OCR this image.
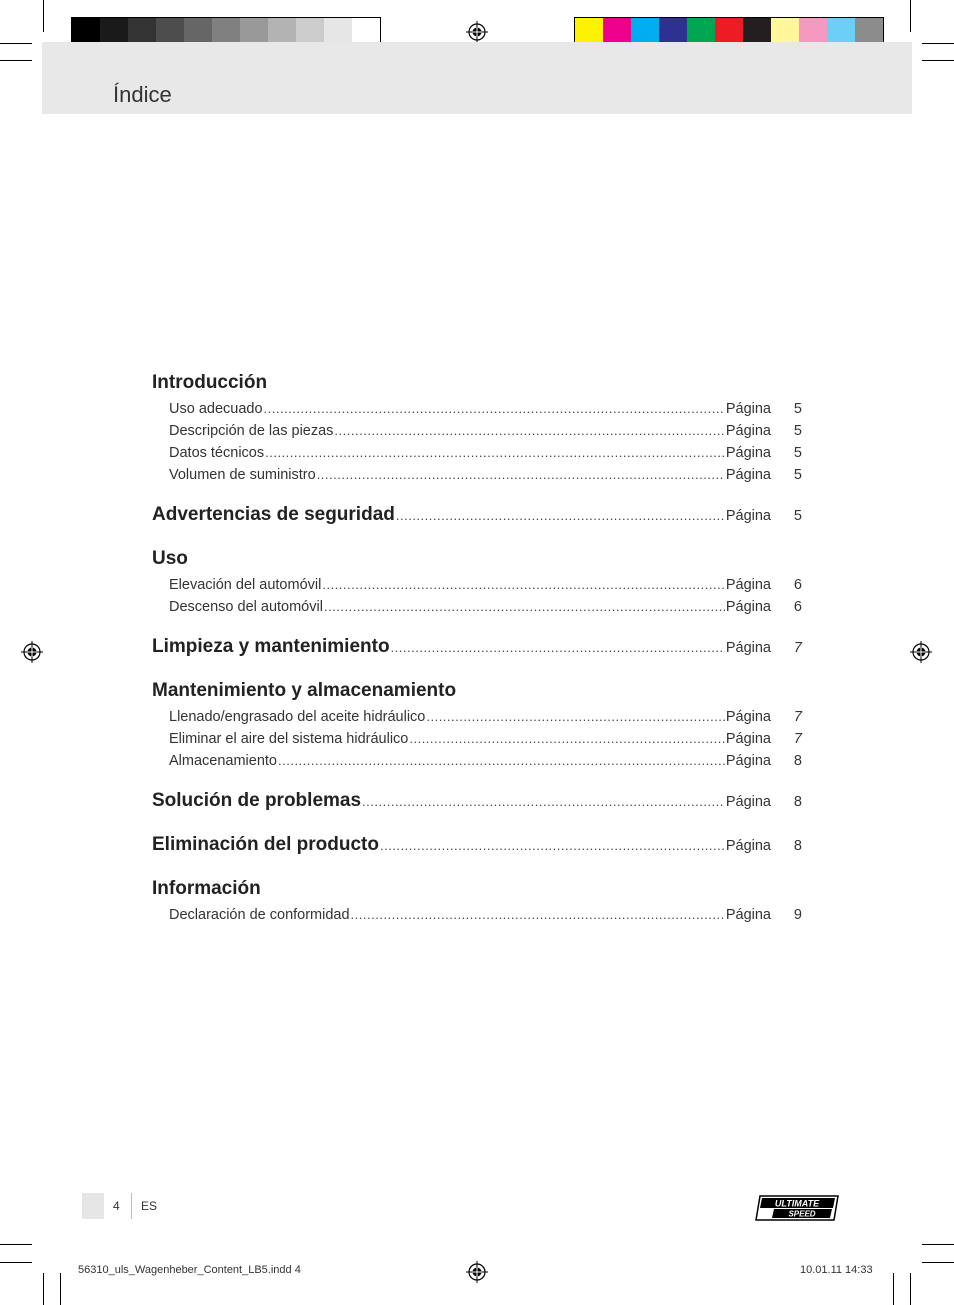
Índice
Introducción
Uso adecuado .....	Página	5
Descripción de las piezas .....	Página	5
Datos técnicos .....	Página	5
Volumen de suministro .....	Página	5
Advertencias de seguridad .....	Página	5
Uso
Elevación del automóvil .....	Página	6
Descenso del automóvil .....	Página	6
Limpieza y mantenimiento .....	Página	7
Mantenimiento y almacenamiento
Llenado/engrasado del aceite hidráulico .....	Página	7
Eliminar el aire del sistema hidráulico .....	Página	7
Almacenamiento .....	Página	8
Solución de problemas .....	Página	8
Eliminación del producto .....	Página	8
Información
Declaración de conformidad .....	Página	9
4 ES	ULTIMATE
SPEED
56310_uls_Wagenheber_Content_LB5.indd 4	10.01.11 14:33
